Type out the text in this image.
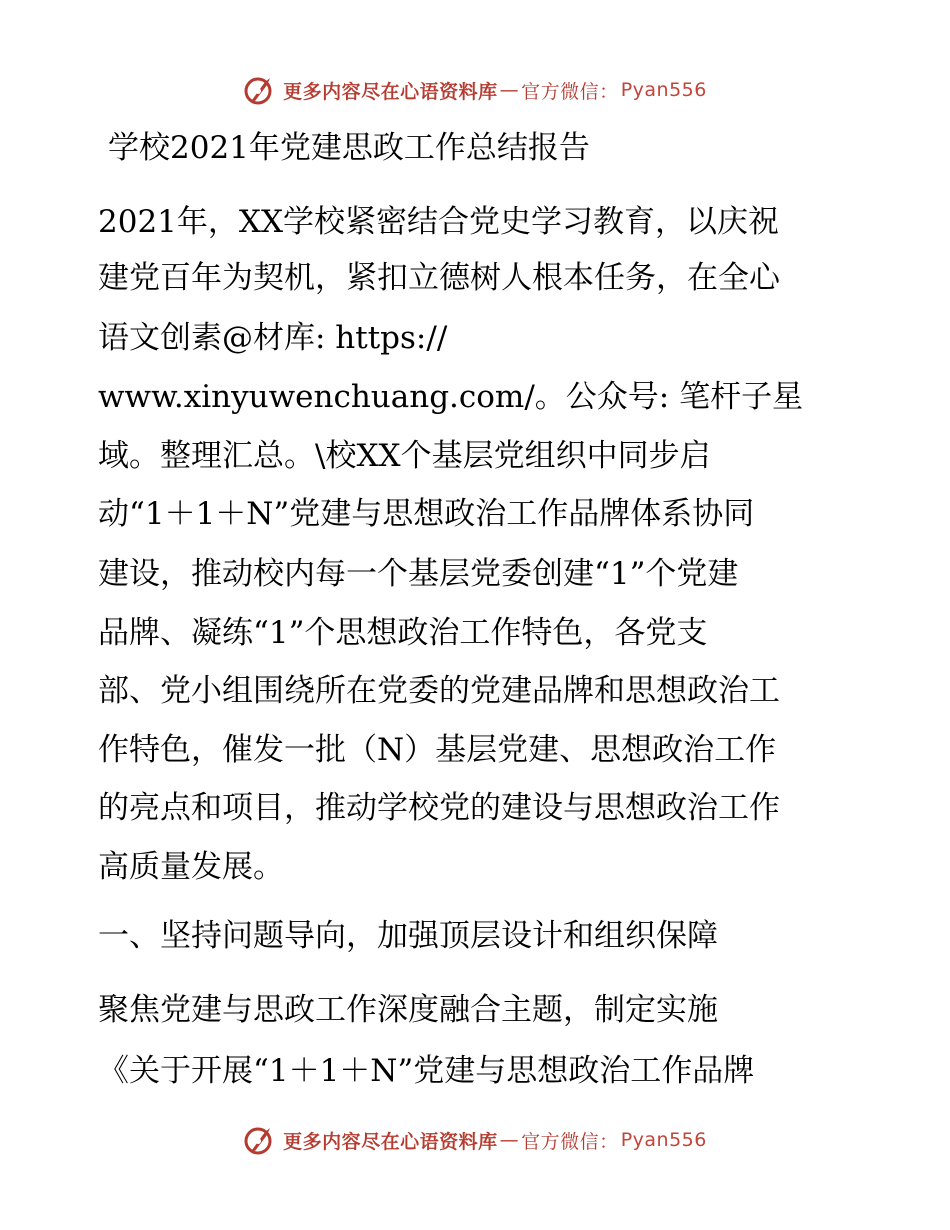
更多内容尽在心语资料库 — 官方微信： Pyan556
学校2021年党建思政工作总结报告
2021年，XX学校紧密结合党史学习教育，以庆祝
建党百年为契机，紧扣立德树人根本任务，在全心
语文创素@材库: https://
www.xinyuwenchuang.com/。公众号: 笔杆子星
域。整理汇总。\校XX个基层党组织中同步启
动“1＋1＋N”党建与思想政治工作品牌体系协同
建设，推动校内每一个基层党委创建“1”个党建
品牌、凝练“1”个思想政治工作特色，各党支
部、党小组围绕所在党委的党建品牌和思想政治工
作特色，催发一批（N）基层党建、思想政治工作
的亮点和项目，推动学校党的建设与思想政治工作
高质量发展。
一、坚持问题导向，加强顶层设计和组织保障
聚焦党建与思政工作深度融合主题，制定实施
《关于开展“1＋1＋N”党建与思想政治工作品牌
更多内容尽在心语资料库 — 官方微信： Pyan556
